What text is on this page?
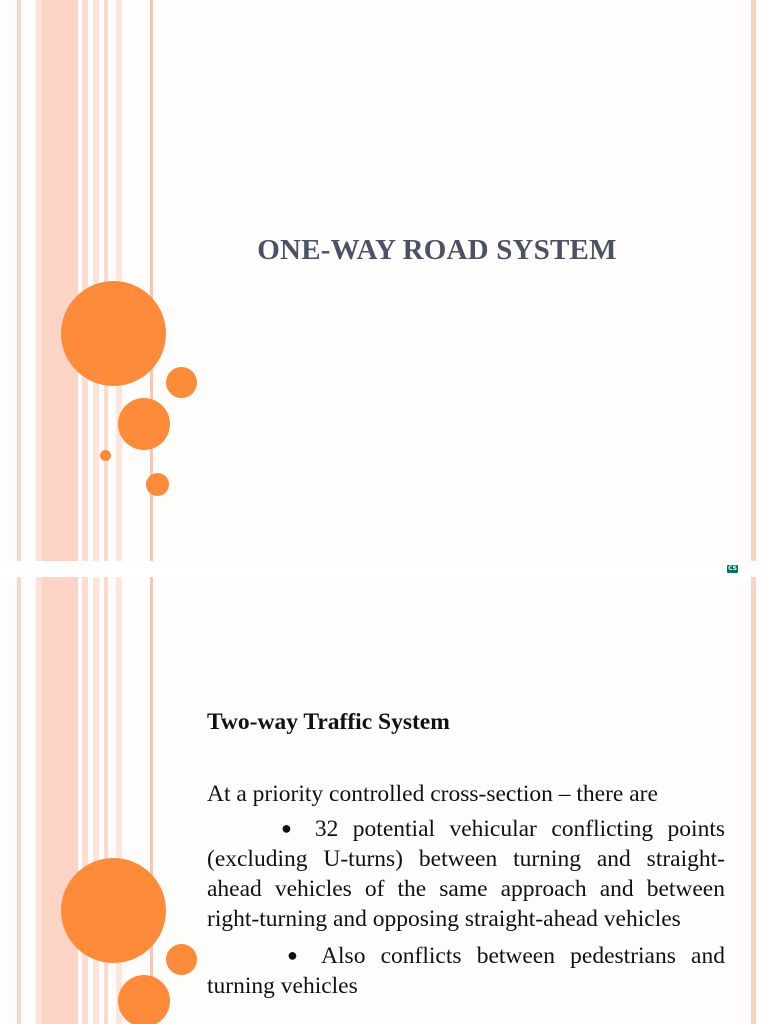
ONE-WAY ROAD SYSTEM
CS
Two-way Traffic System

At a priority controlled cross-section – there are

● 32 potential vehicular conflicting points (excluding U-turns) between turning and straight-ahead vehicles of the same approach and between right-turning and opposing straight-ahead vehicles

● Also conflicts between pedestrians and turning vehicles
